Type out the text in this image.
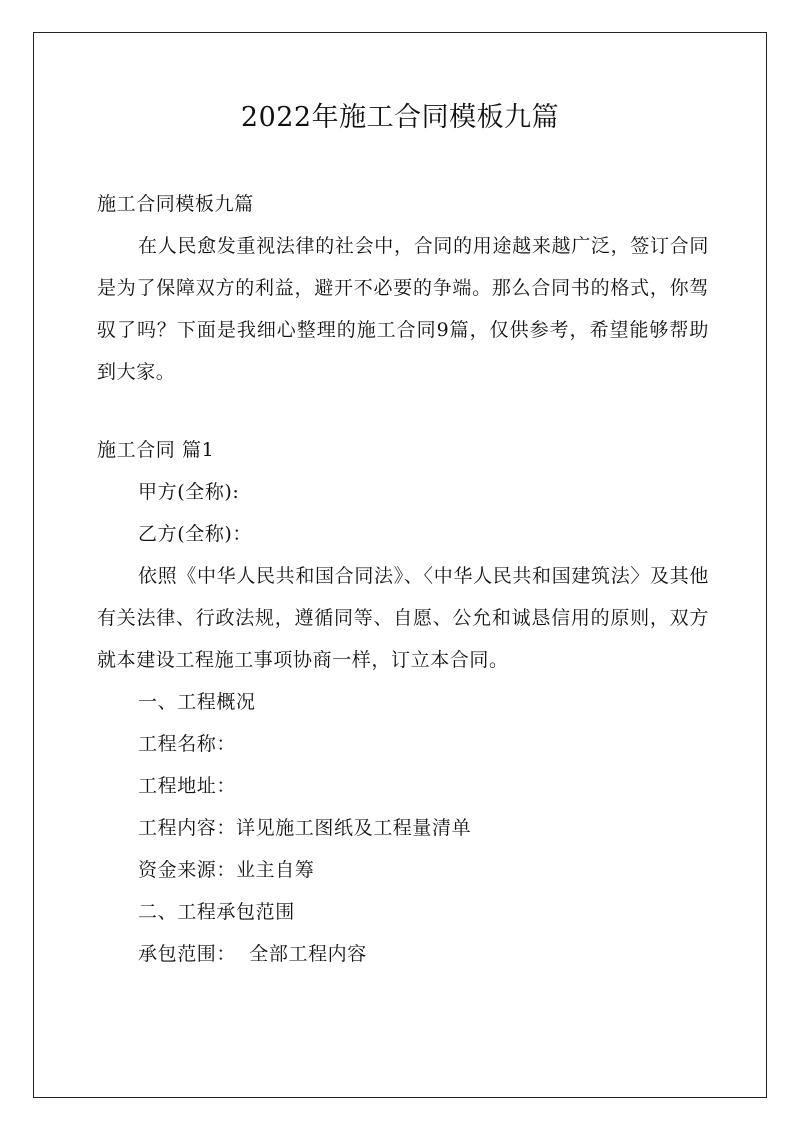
2022年施工合同模板九篇

施工合同模板九篇

在人民愈发重视法律的社会中，合同的用途越来越广泛，签订合同是为了保障双方的利益，避开不必要的争端。那么合同书的格式，你驾驭了吗？下面是我细心整理的施工合同9篇，仅供参考，希望能够帮助到大家。

施工合同 篇1

甲方(全称):

乙方(全称)：

依照《中华人民共和国合同法》、〈中华人民共和国建筑法〉及其他有关法律、行政法规，遵循同等、自愿、公允和诚恳信用的原则，双方就本建设工程施工事项协商一样，订立本合同。

一、工程概况

工程名称：

工程地址：

工程内容：详见施工图纸及工程量清单

资金来源：业主自筹

二、工程承包范围

承包范围：  全部工程内容
